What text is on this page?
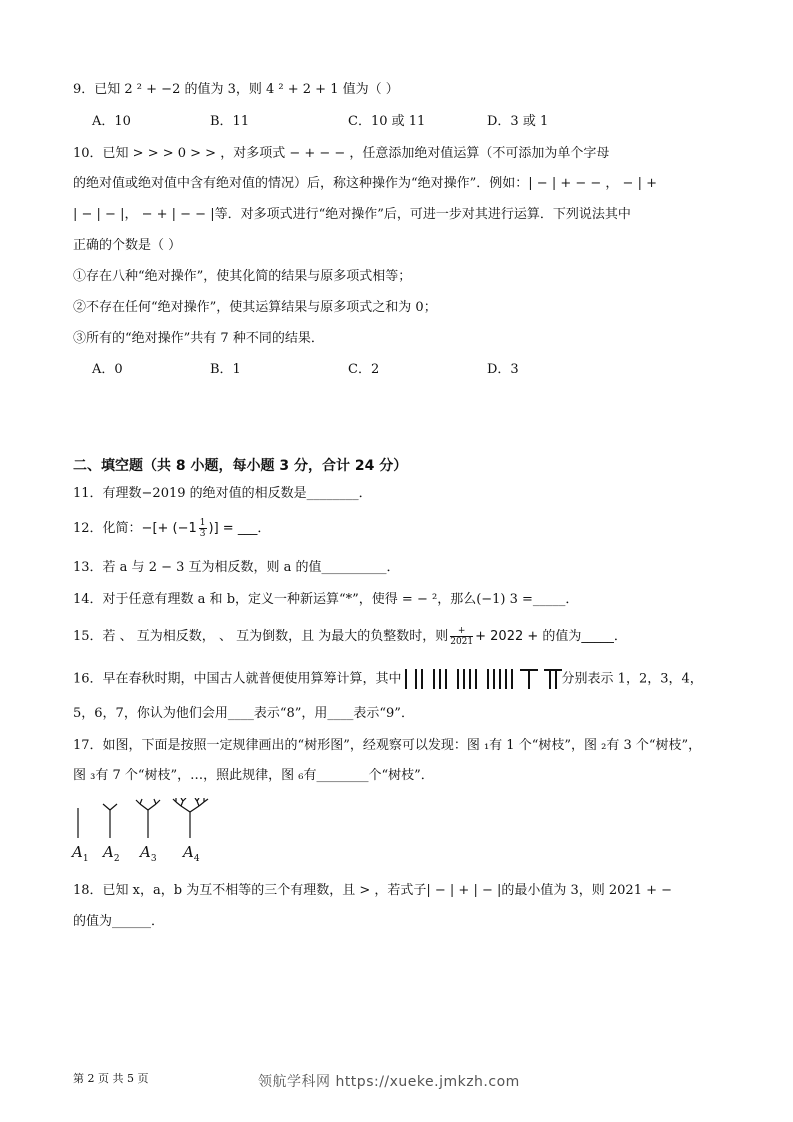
9．已知 2 ² + −2 的值为 3，则 4 ² + 2 + 1 值为（ ）
A．10	B．11	C．10 或 11	D．3 或 1
10．已知 > > > 0 > > ，对多项式 − + − − ，任意添加绝对值运算（不可添加为单个字母
的绝对值或绝对值中含有绝对值的情况）后，称这种操作为“绝对操作”．例如：| − | + − − ， − | +
| − | − |， − + | − − |等．对多项式进行“绝对操作”后，可进一步对其进行运算．下列说法其中
正确的个数是（ ）
①存在八种“绝对操作”，使其化简的结果与原多项式相等；
②不存在任何“绝对操作”，使其运算结果与原多项式之和为 0；
③所有的“绝对操作”共有 7 种不同的结果．
A．0	B．1	C．2	D．3
二、填空题（共 8 小题，每小题 3 分，合计 24 分）
11．有理数−2019 的绝对值的相反数是________．
12．化简：−[+ ($-1 \frac{1}{3}$ )] = ___．
13．若 a 与 2 − 3 互为相反数，则 a 的值__________．
14．对于任意有理数 a 和 b，定义一种新运算“*”，使得 = − ²，那么(−1) 3 =_____．
15．若 、 互为相反数， 、 互为倒数，且 为最大的负整数时，则 $\frac{+}{2021} + 2022$ + 的值为_____．
16．早在春秋时期，中国古人就普便使用算筹计算，其中	分别表示 1，2，3，4，
5，6，7，你认为他们会用____表示“8”，用____表示“9”．
17．如图，下面是按照一定规律画出的“树形图”，经观察可以发现：图 ₁有 1 个“树枝”，图 ₂有 3 个“树枝”，
图 ₃有 7 个“树枝”，…，照此规律，图 ₆有________个“树枝”．
$A_1$ $A_2$ $A_3$ $A_4$
18．已知 x，a，b 为互不相等的三个有理数，且 > ，若式子| − | + | − |的最小值为 3，则 2021 + −
的值为______．
第 2 页 共 5 页	领航学科网 https://xueke.jmkzh.com
